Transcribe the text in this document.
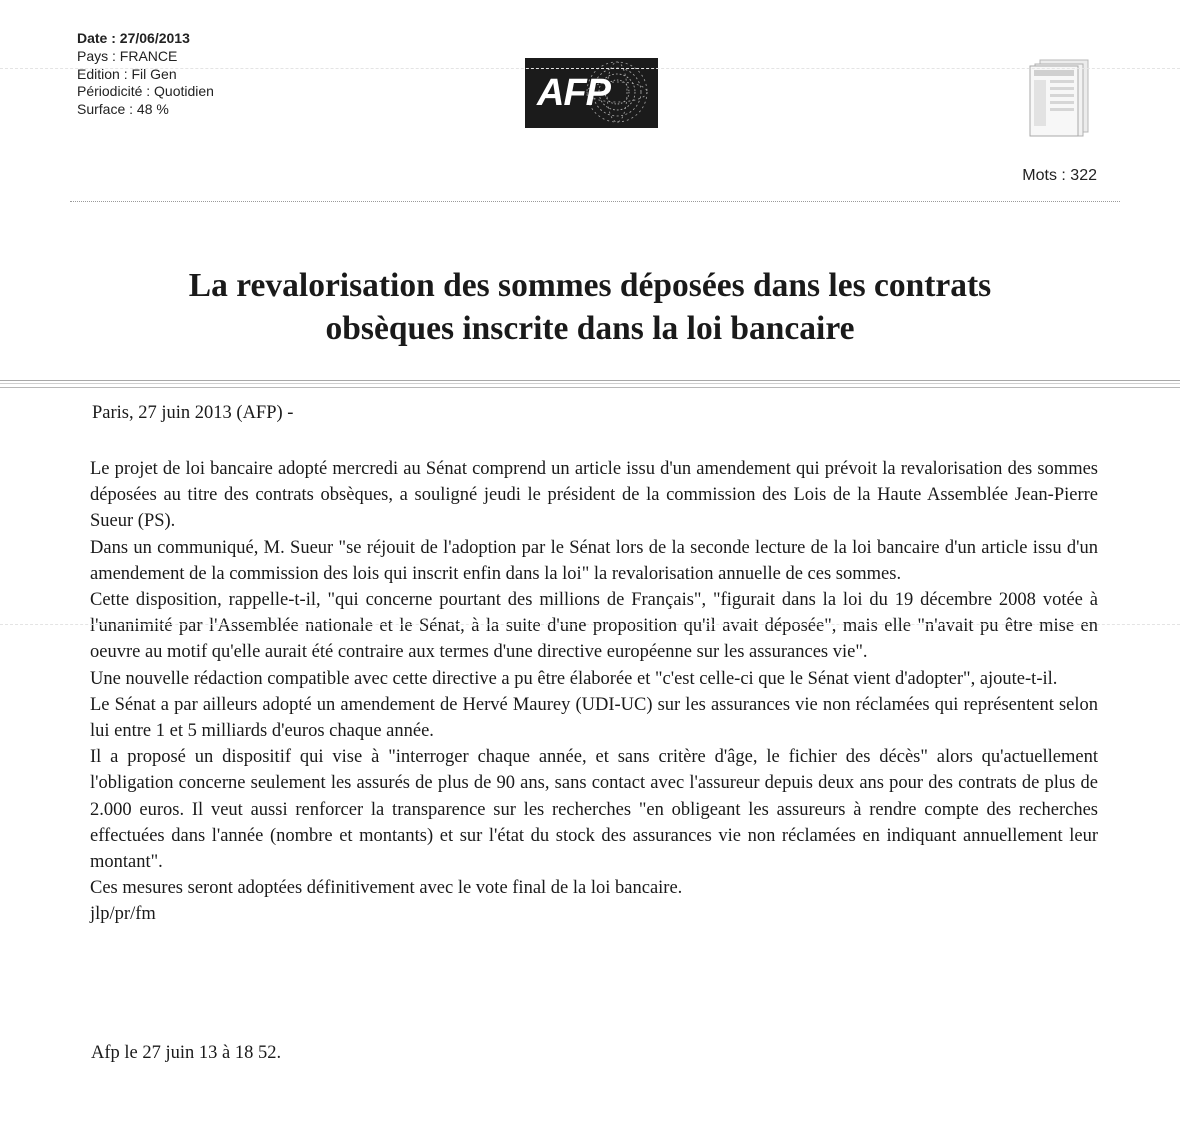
Date : 27/06/2013
Pays : FRANCE
Edition : Fil Gen
Périodicité : Quotidien
Surface : 48 %	AFP
Mots : 322
La revalorisation des sommes déposées dans les contrats
obsèques inscrite dans la loi bancaire
Paris, 27 juin 2013 (AFP) -

Le projet de loi bancaire adopté mercredi au Sénat comprend un article issu d'un amendement qui prévoit la revalorisation des sommes déposées au titre des contrats obsèques, a souligné jeudi le président de la commission des Lois de la Haute Assemblée Jean-Pierre Sueur (PS).

Dans un communiqué, M. Sueur "se réjouit de l'adoption par le Sénat lors de la seconde lecture de la loi bancaire d'un article issu d'un amendement de la commission des lois qui inscrit enfin dans la loi" la revalorisation annuelle de ces sommes.

Cette disposition, rappelle-t-il, "qui concerne pourtant des millions de Français", "figurait dans la loi du 19 décembre 2008 votée à l'unanimité par l'Assemblée nationale et le Sénat, à la suite d'une proposition qu'il avait déposée", mais elle "n'avait pu être mise en oeuvre au motif qu'elle aurait été contraire aux termes d'une directive européenne sur les assurances vie".

Une nouvelle rédaction compatible avec cette directive a pu être élaborée et "c'est celle-ci que le Sénat vient d'adopter", ajoute-t-il.

Le Sénat a par ailleurs adopté un amendement de Hervé Maurey (UDI-UC) sur les assurances vie non réclamées qui représentent selon lui entre 1 et 5 milliards d'euros chaque année.

Il a proposé un dispositif qui vise à "interroger chaque année, et sans critère d'âge, le fichier des décès" alors qu'actuellement l'obligation concerne seulement les assurés de plus de 90 ans, sans contact avec l'assureur depuis deux ans pour des contrats de plus de 2.000 euros. Il veut aussi renforcer la transparence sur les recherches "en obligeant les assureurs à rendre compte des recherches effectuées dans l'année (nombre et montants) et sur l'état du stock des assurances vie non réclamées en indiquant annuellement leur montant".

Ces mesures seront adoptées définitivement avec le vote final de la loi bancaire.

jlp/pr/fm

Afp le 27 juin 13 à 18 52.
